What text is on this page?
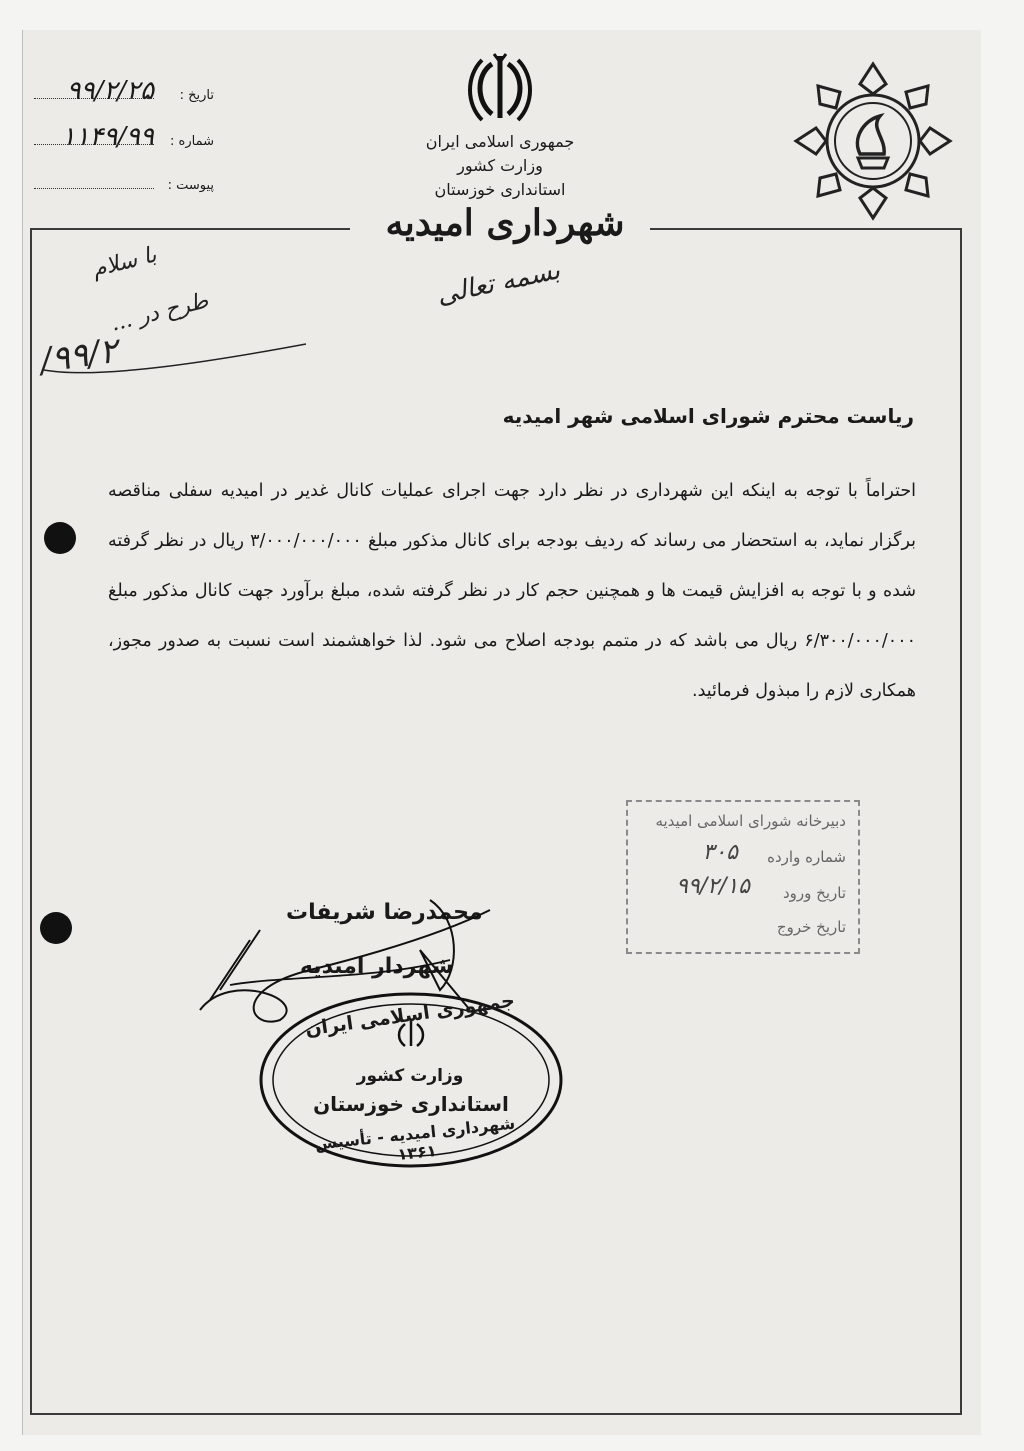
تاریخ :
۹۹/۲/۲۵
شماره :
۱۱۴۹/۹۹
پیوست :
جمهوری اسلامی ایران
وزارت کشور
استانداری خوزستان
شهرداری امیدیه
بسمه تعالی
با سلام
طرح در ...
۹۹/۲/
ریاست محترم شورای اسلامی شهر امیدیه
احتراماً با توجه به اینکه این شهرداری در نظر دارد جهت اجرای عملیات کانال غدیر در امیدیه سفلی مناقصه برگزار نماید، به استحضار می رساند که ردیف بودجه برای کانال مذکور مبلغ ۳/۰۰۰/۰۰۰/۰۰۰ ریال در نظر گرفته شده و با توجه به افزایش قیمت ها و همچنین حجم کار در نظر گرفته شده، مبلغ برآورد جهت کانال مذکور مبلغ ۶/۳۰۰/۰۰۰/۰۰۰ ریال می باشد که در متمم بودجه اصلاح می شود. لذا خواهشمند است نسبت به صدور مجوز، همکاری لازم را مبذول فرمائید.
دبیرخانه شورای اسلامی امیدیه
شماره وارده
۳۰۵
تاریخ ورود
۹۹/۲/۱۵
تاریخ خروج
محمدرضا شریفات
شهردار امیدیه
جمهوری اسلامی ایران
وزارت کشور
استانداری خوزستان
شهرداری امیدیه - تأسیس ۱۳۶۱
